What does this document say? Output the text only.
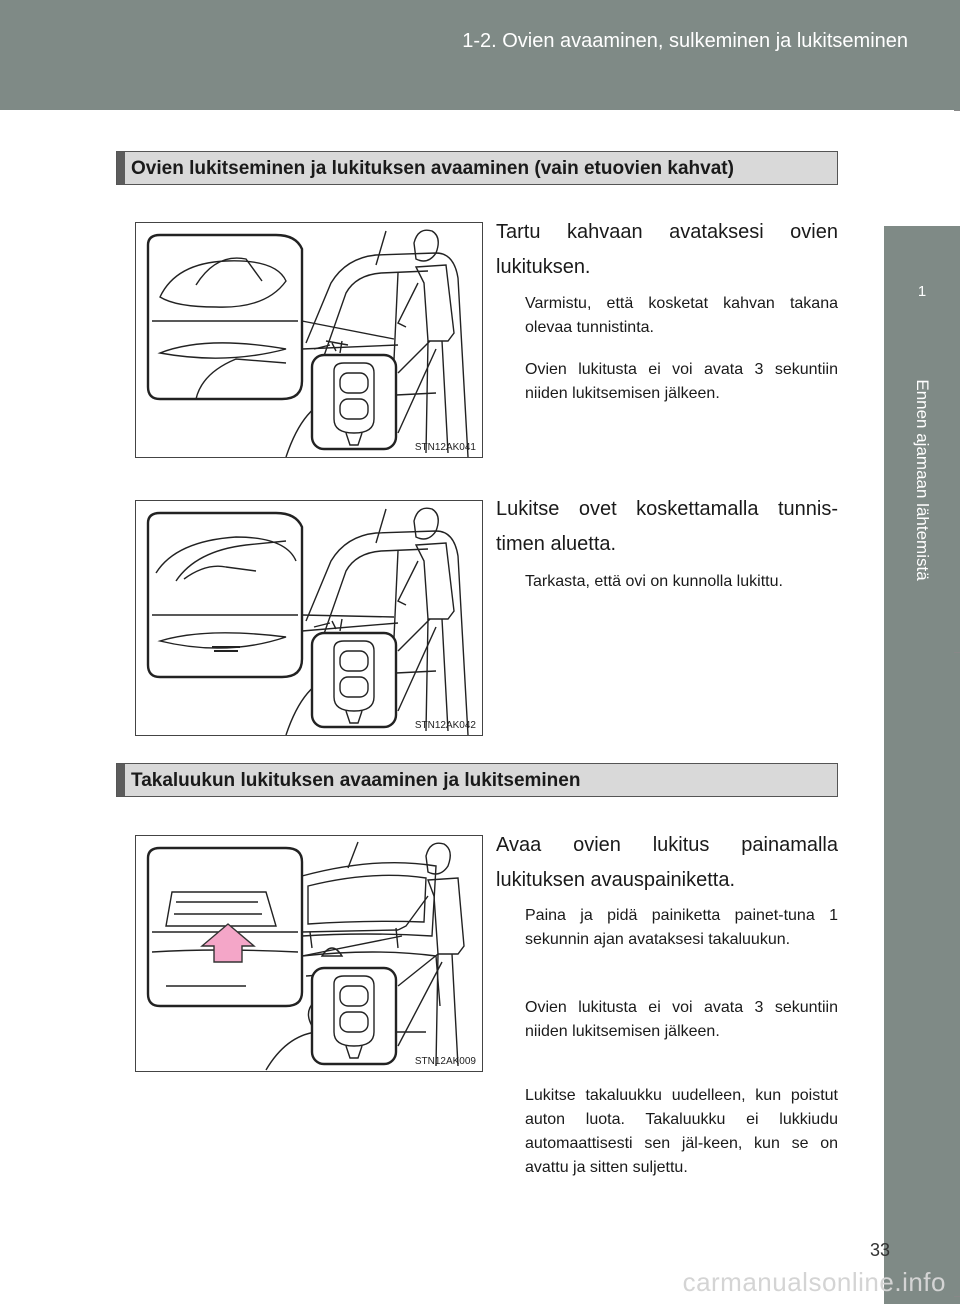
1-2. Ovien avaaminen, sulkeminen ja lukitseminen
1
Ennen ajamaan lähtemistä
Ovien lukitseminen ja lukituksen avaaminen (vain etuovien kahvat)
STN12AK041
Tartu kahvaan avataksesi ovien lukituksen.
Varmistu, että kosketat kahvan takana olevaa tunnistinta.
Ovien lukitusta ei voi avata 3 sekuntiin niiden lukitsemisen jälkeen.
STN12AK042
Lukitse ovet koskettamalla tunnis-timen aluetta.
Tarkasta, että ovi on kunnolla lukittu.
Takaluukun lukituksen avaaminen ja lukitseminen
STN12AK009
Avaa ovien lukitus painamalla lukituksen avauspainiketta.
Paina ja pidä painiketta painet-tuna 1 sekunnin ajan avataksesi takaluukun.
Ovien lukitusta ei voi avata 3 sekuntiin niiden lukitsemisen jälkeen.
Lukitse takaluukku uudelleen, kun poistut auton luota. Takaluukku ei lukkiudu automaattisesti sen jäl-keen, kun se on avattu ja sitten suljettu.
33
carmanualsonline.info
